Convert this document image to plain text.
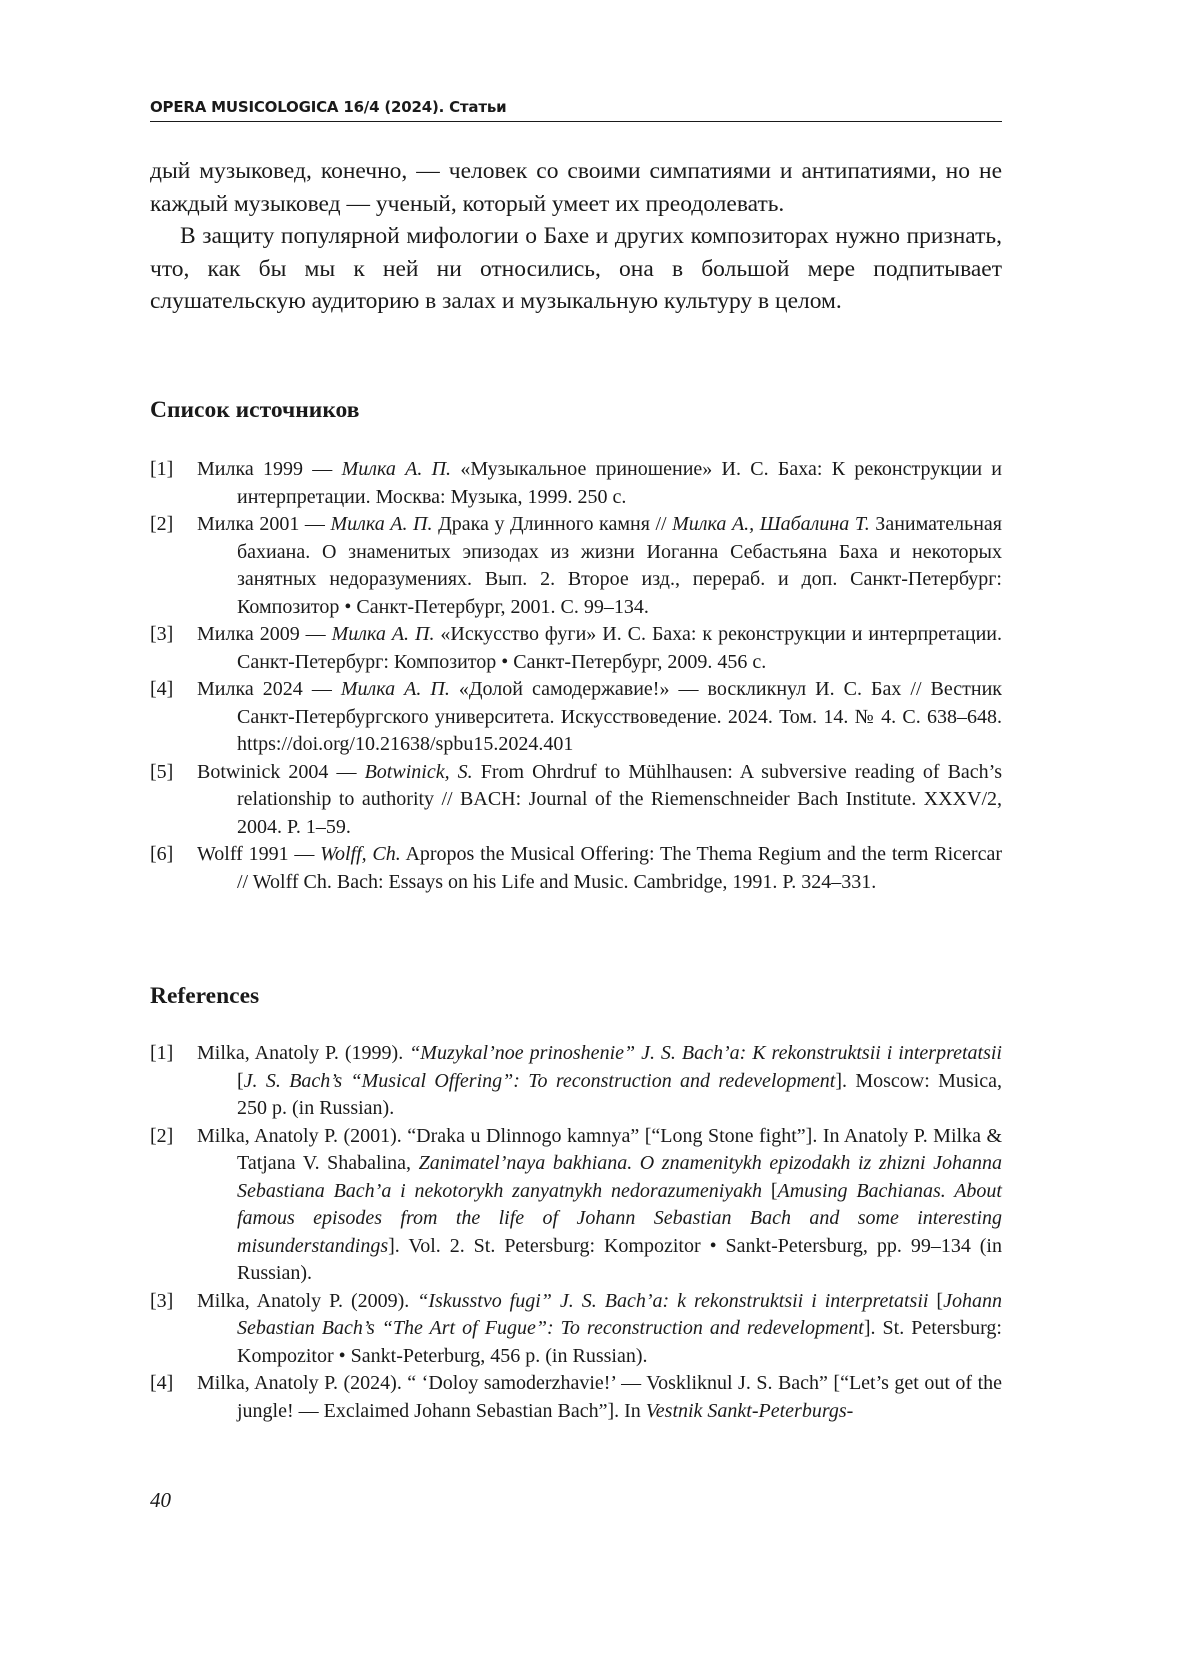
OPERA MUSICOLOGICA 16/4 (2024). Статьи

дый музыковед, конечно, — человек со своими симпатиями и антипатиями, но не каждый музыковед — ученый, который умеет их преодолевать.

В защиту популярной мифологии о Бахе и других композиторах нужно признать, что, как бы мы к ней ни относились, она в большой мере подпитывает слушательскую аудиторию в залах и музыкальную культуру в целом.

Список источников
[1] Милка 1999 — Милка А. П. «Музыкальное приношение» И. С. Баха: К реконструкции и интерпретации. Москва: Музыка, 1999. 250 с.
[2] Милка 2001 — Милка А. П. Драка у Длинного камня // Милка А., Шабалина Т. Занимательная бахиана. О знаменитых эпизодах из жизни Иоганна Себастьяна Баха и некоторых занятных недоразумениях. Вып. 2. Второе изд., перераб. и доп. Санкт-Петербург: Композитор • Санкт-Петербург, 2001. С. 99–134.
[3] Милка 2009 — Милка А. П. «Искусство фуги» И. С. Баха: к реконструкции и интерпретации. Санкт-Петербург: Композитор • Санкт-Петербург, 2009. 456 с.
[4] Милка 2024 — Милка А. П. «Долой самодержавие!» — воскликнул И. С. Бах // Вестник Санкт-Петербургского университета. Искусствоведение. 2024. Том. 14. № 4. С. 638–648. https://doi.org/10.21638/spbu15.2024.401
[5] Botwinick 2004 — Botwinick, S. From Ohrdruf to Mühlhausen: A subversive reading of Bach’s relationship to authority // BACH: Journal of the Riemenschneider Bach Institute. XXXV/2, 2004. P. 1–59.
[6] Wolff 1991 — Wolff, Ch. Apropos the Musical Offering: The Thema Regium and the term Ricercar // Wolff Ch. Bach: Essays on his Life and Music. Cambridge, 1991. P. 324–331.
References
[1] Milka, Anatoly P. (1999). “Muzykal’noe prinoshenie” J. S. Bach’a: K rekonstruktsii i interpretatsii [J. S. Bach’s “Musical Offering”: To reconstruction and redevelopment]. Moscow: Musica, 250 p. (in Russian).
[2] Milka, Anatoly P. (2001). “Draka u Dlinnogo kamnya” [“Long Stone fight”]. In Anatoly P. Milka & Tatjana V. Shabalina, Zanimatel’naya bakhiana. O znamenitykh epizodakh iz zhizni Johanna Sebastiana Bach’a i nekotorykh zanyatnykh nedorazumeniyakh [Amusing Bachianas. About famous episodes from the life of Johann Sebastian Bach and some interesting misunderstandings]. Vol. 2. St. Petersburg: Kompozitor • Sankt-Petersburg, pp. 99–134 (in Russian).
[3] Milka, Anatoly P. (2009). “Iskusstvo fugi” J. S. Bach’a: k rekonstruktsii i interpretatsii [Johann Sebastian Bach’s “The Art of Fugue”: To reconstruction and redevelopment]. St. Petersburg: Kompozitor • Sankt-Peterburg, 456 p. (in Russian).
[4] Milka, Anatoly P. (2024). “ ‘Doloy samoderzhavie!’ — Voskliknul J. S. Bach” [“Let’s get out of the jungle! — Exclaimed Johann Sebastian Bach”]. In Vestnik Sankt-Peterburgs-
40
